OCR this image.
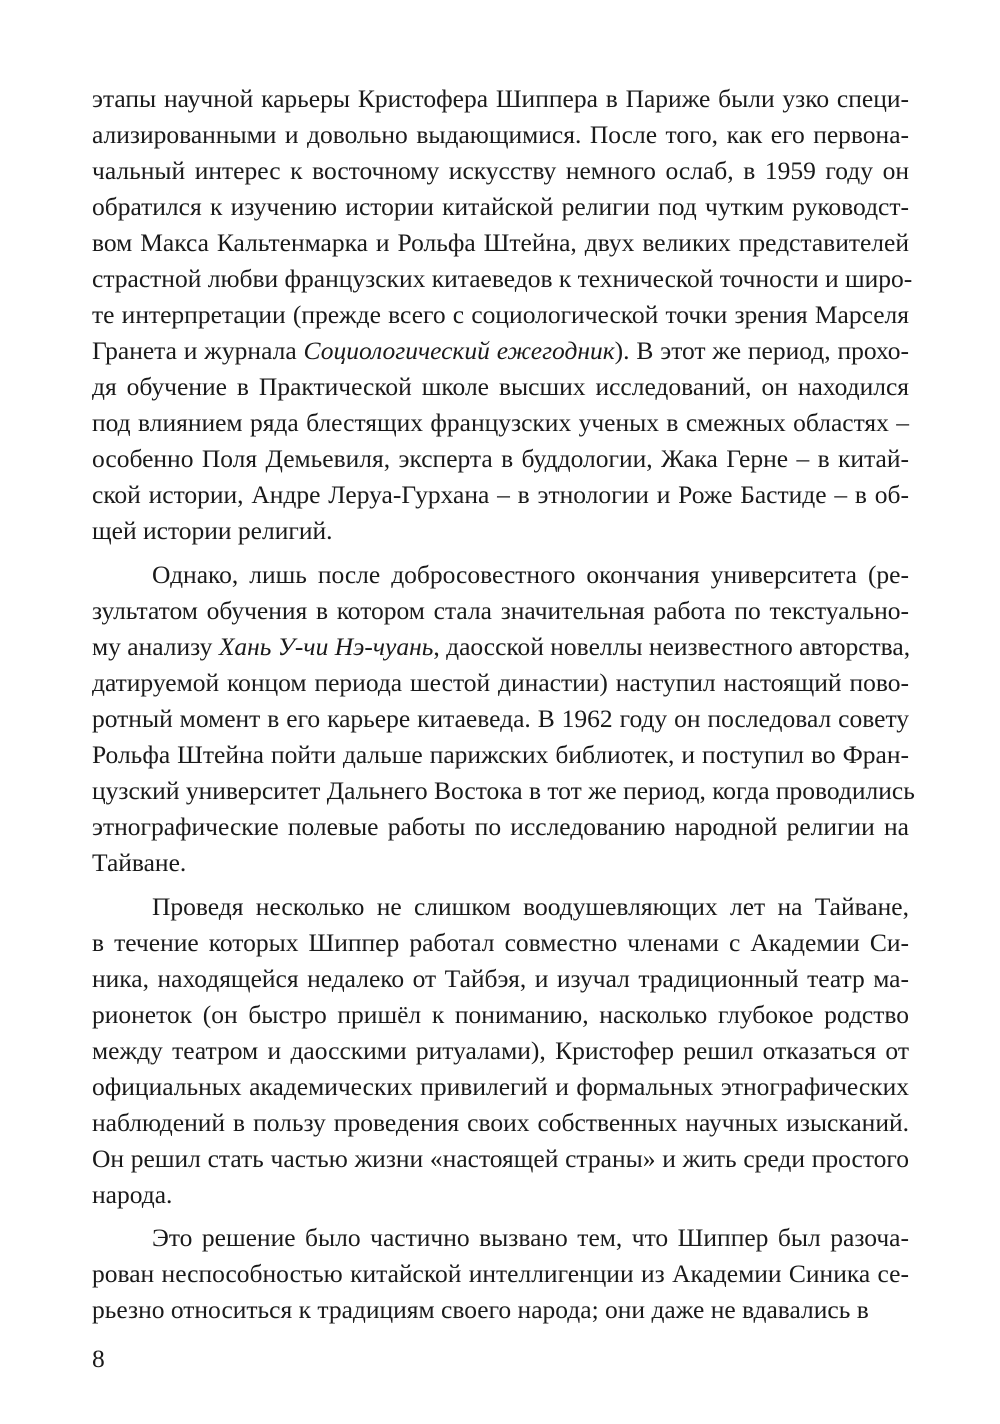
этапы научной карьеры Кристофера Шиппера в Париже были узко специ-
ализированными и довольно выдающимися. После того, как его первона-
чальный интерес к восточному искусству немного ослаб, в 1959 году он
обратился к изучению истории китайской религии под чутким руководст-
вом Макса Кальтенмарка и Рольфа Штейна, двух великих представителей
страстной любви французских китаеведов к технической точности и широ-
те интерпретации (прежде всего с социологической точки зрения Марселя
Гранета и журнала Социологический ежегодник). В этот же период, прохо-
дя обучение в Практической школе высших исследований, он находился
под влиянием ряда блестящих французских ученых в смежных областях –
особенно Поля Демьевиля, эксперта в буддологии, Жака Герне – в китай-
ской истории, Андре Леруа-Гурхана – в этнологии и Роже Бастиде – в об-
щей истории религий.
Однако, лишь после добросовестного окончания университета (ре-
зультатом обучения в котором стала значительная работа по текстуально-
му анализу Хань У-чи Нэ-чуань, даосской новеллы неизвестного авторства,
датируемой концом периода шестой династии) наступил настоящий пово-
ротный момент в его карьере китаеведа. В 1962 году он последовал совету
Рольфа Штейна пойти дальше парижских библиотек, и поступил во Фран-
цузский университет Дальнего Востока в тот же период, когда проводились
этнографические полевые работы по исследованию народной религии на
Тайване.
Проведя несколько не слишком воодушевляющих лет на Тайване,
в течение которых Шиппер работал совместно членами с Академии Си-
ника, находящейся недалеко от Тайбэя, и изучал традиционный театр ма-
рионеток (он быстро пришёл к пониманию, насколько глубокое родство
между театром и даосскими ритуалами), Кристофер решил отказаться от
официальных академических привилегий и формальных этнографических
наблюдений в пользу проведения своих собственных научных изысканий.
Он решил стать частью жизни «настоящей страны» и жить среди простого
народа.
Это решение было частично вызвано тем, что Шиппер был разоча-
рован неспособностью китайской интеллигенции из Академии Синика се-
рьезно относиться к традициям своего народа; они даже не вдавались в
8
